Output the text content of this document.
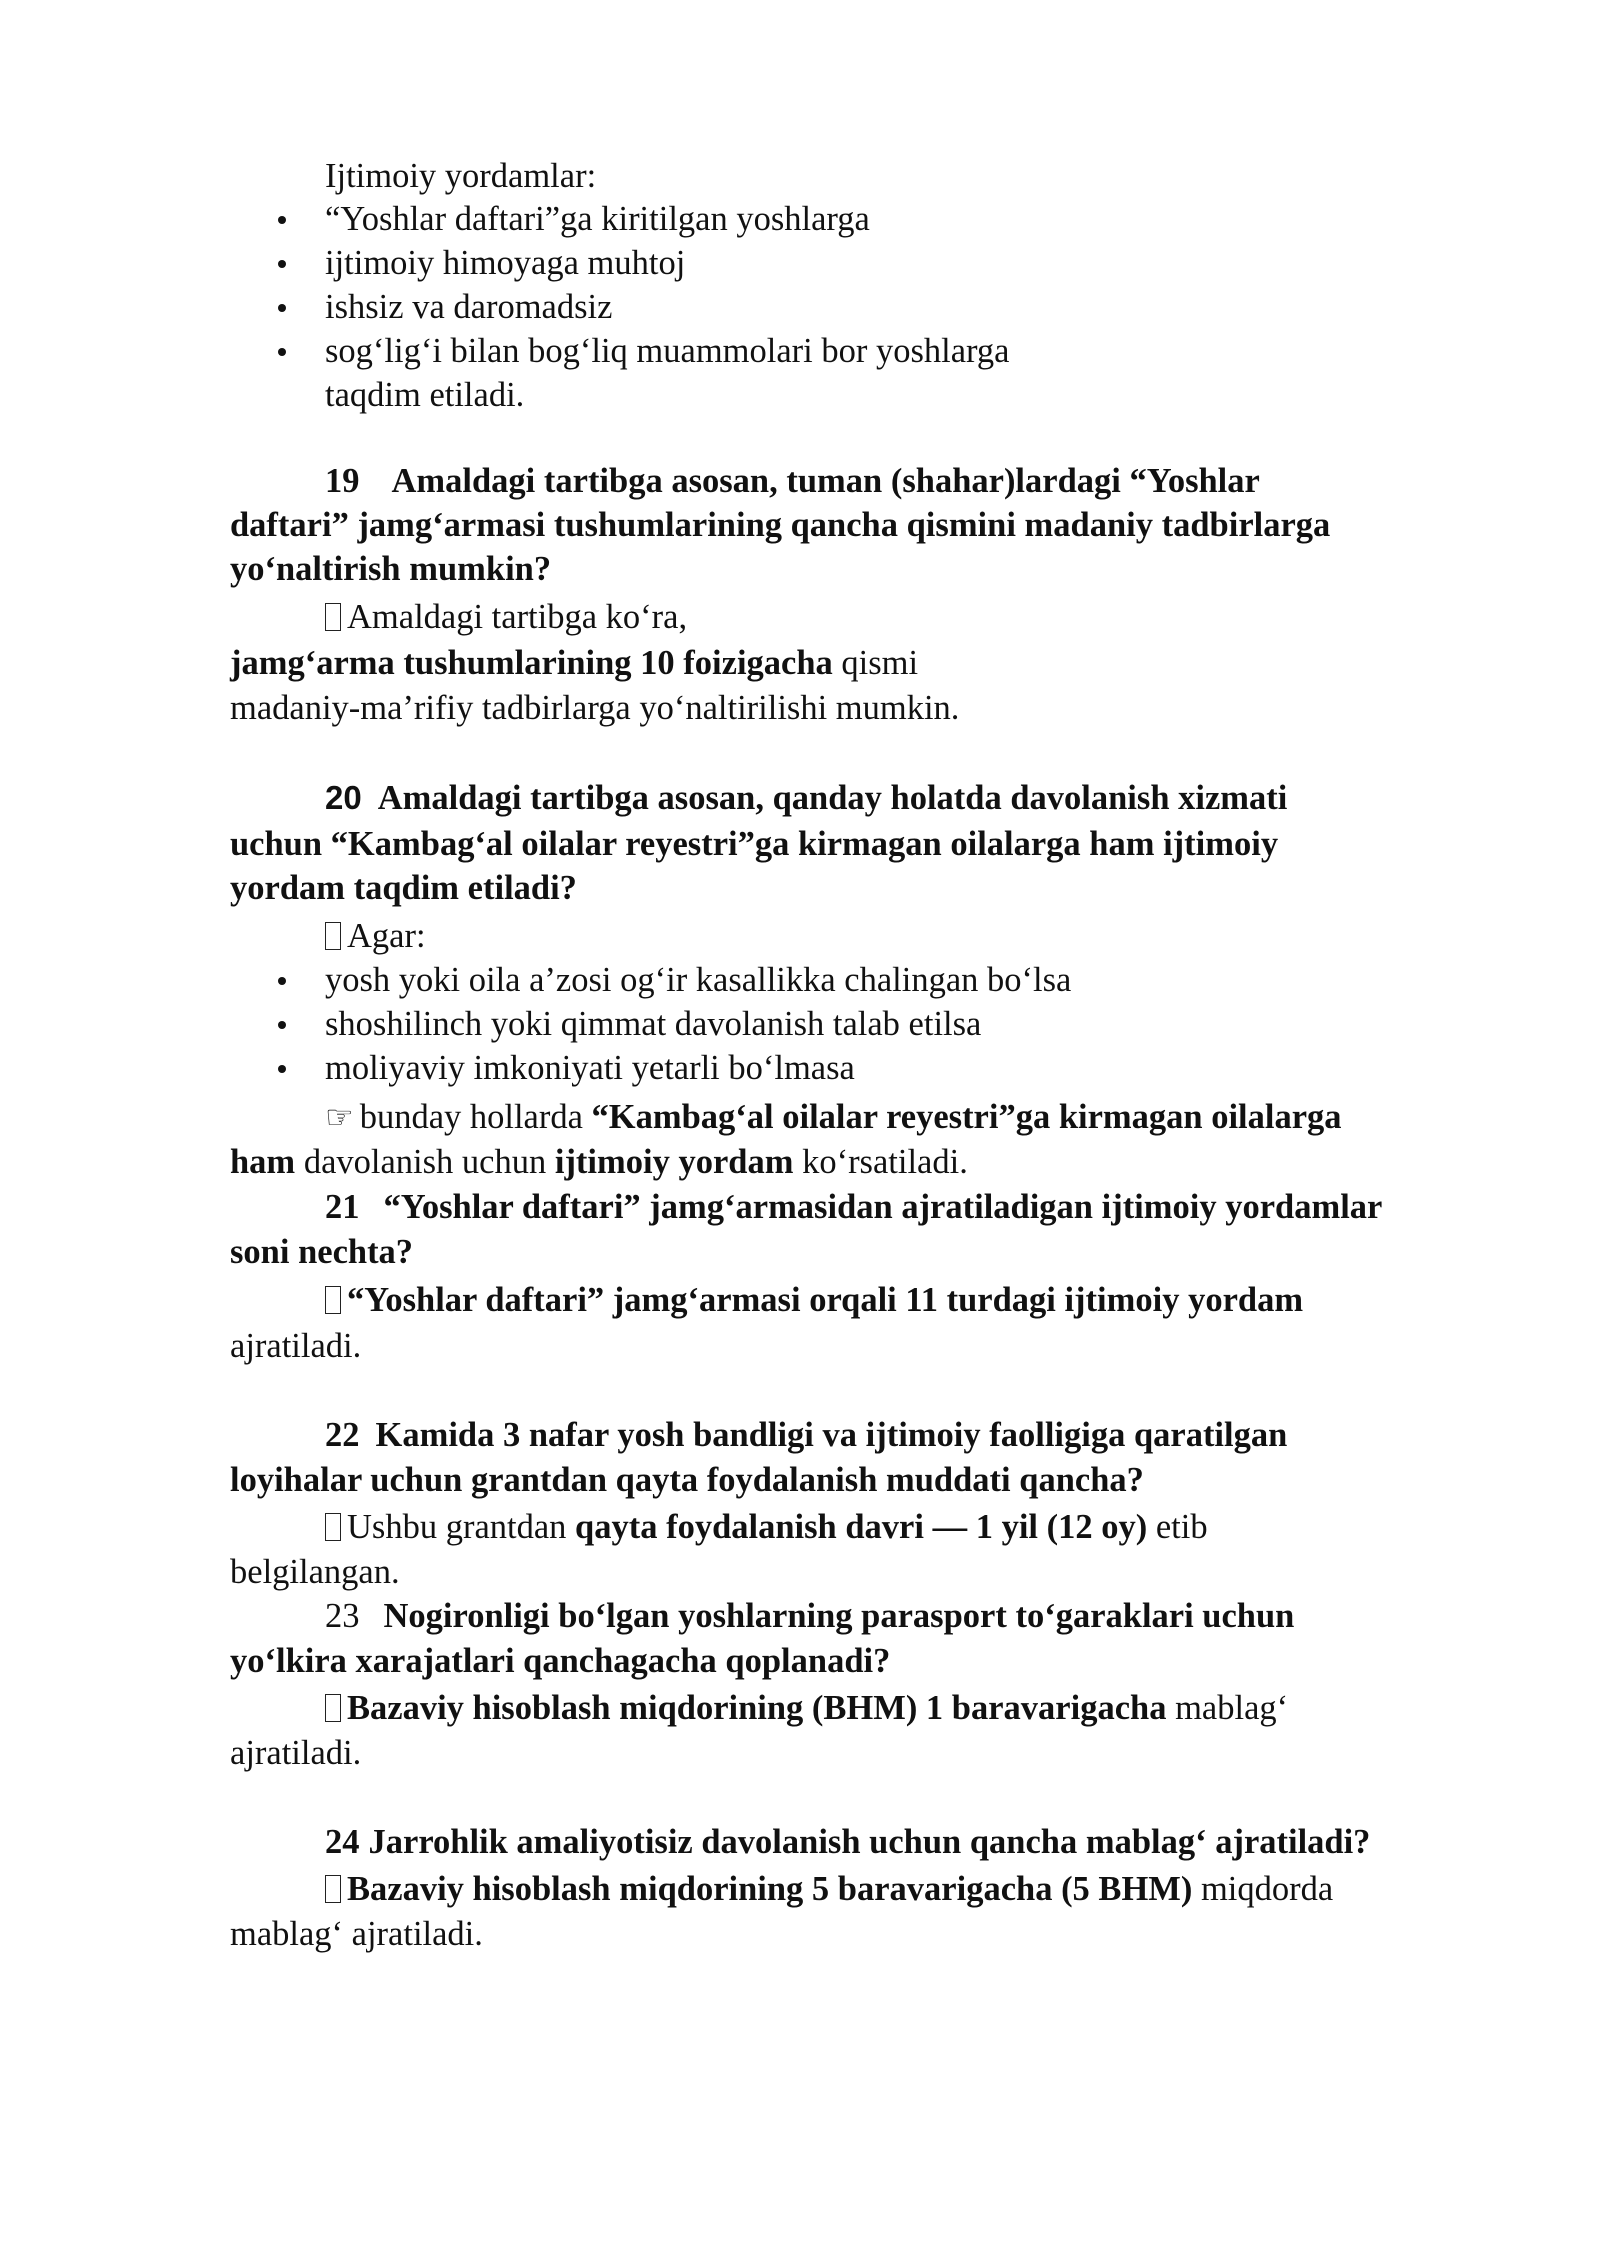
Ijtimoiy yordamlar:
“Yoshlar daftari”ga kiritilgan yoshlarga
ijtimoiy himoyaga muhtoj
ishsiz va daromadsiz
sog‘lig‘i bilan bog‘liq muammolari bor yoshlarga
taqdim etiladi.
19 Amaldagi tartibga asosan, tuman (shahar)lardagi “Yoshlar
daftari” jamg‘armasi tushumlarining qancha qismini madaniy tadbirlarga
yo‘naltirish mumkin?
Amaldagi tartibga ko‘ra,
jamg‘arma tushumlarining 10 foizigacha qismi
madaniy-ma’rifiy tadbirlarga yo‘naltirilishi mumkin.
20 Amaldagi tartibga asosan, qanday holatda davolanish xizmati
uchun “Kambag‘al oilalar reyestri”ga kirmagan oilalarga ham ijtimoiy
yordam taqdim etiladi?
Agar:
yosh yoki oila a’zosi og‘ir kasallikka chalingan bo‘lsa
shoshilinch yoki qimmat davolanish talab etilsa
moliyaviy imkoniyati yetarli bo‘lmasa
☞ bunday hollarda “Kambag‘al oilalar reyestri”ga kirmagan oilalarga
ham davolanish uchun ijtimoiy yordam ko‘rsatiladi.
21 “Yoshlar daftari” jamg‘armasidan ajratiladigan ijtimoiy yordamlar
soni nechta?
“Yoshlar daftari” jamg‘armasi orqali 11 turdagi ijtimoiy yordam
ajratiladi.
22 Kamida 3 nafar yosh bandligi va ijtimoiy faolligiga qaratilgan
loyihalar uchun grantdan qayta foydalanish muddati qancha?
Ushbu grantdan qayta foydalanish davri — 1 yil (12 oy) etib
belgilangan.
23 Nogironligi bo‘lgan yoshlarning parasport to‘garaklari uchun
yo‘lkira xarajatlari qanchagacha qoplanadi?
Bazaviy hisoblash miqdorining (BHM) 1 baravarigacha mablag‘
ajratiladi.
24 Jarrohlik amaliyotisiz davolanish uchun qancha mablag‘ ajratiladi?
Bazaviy hisoblash miqdorining 5 baravarigacha (5 BHM) miqdorda
mablag‘ ajratiladi.
